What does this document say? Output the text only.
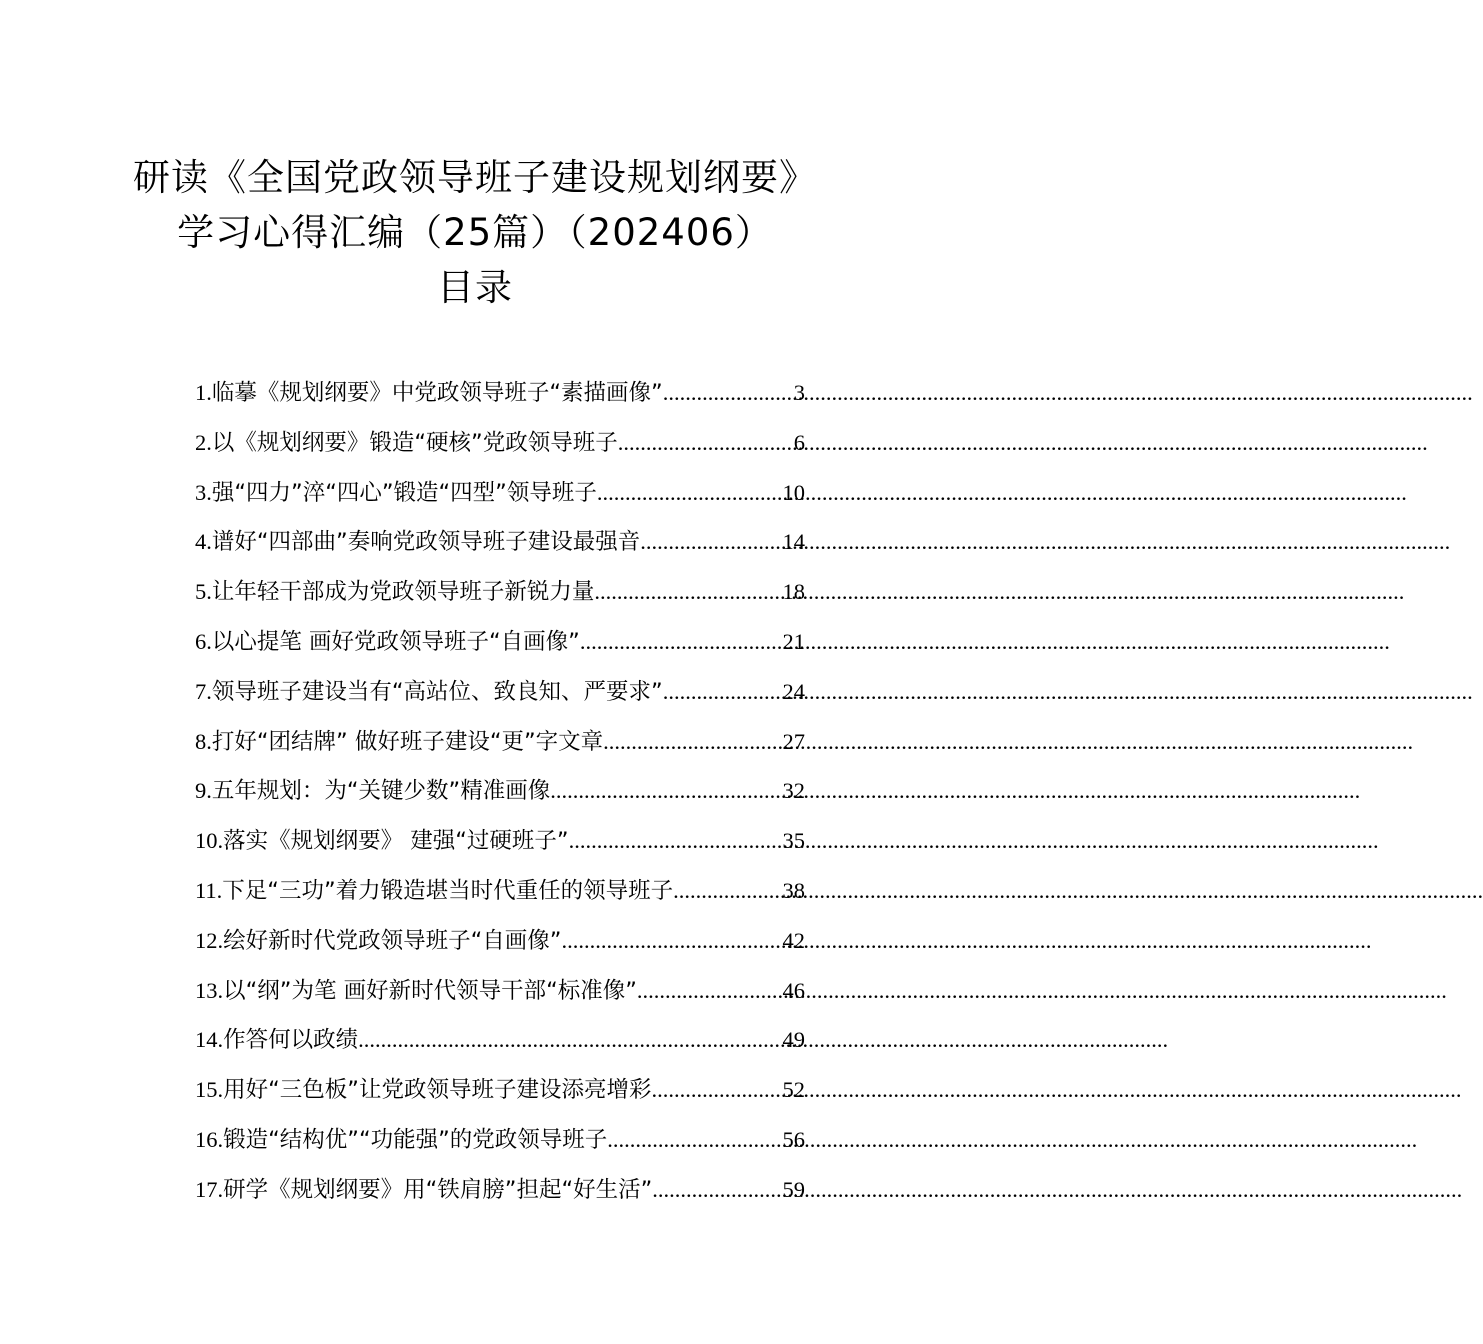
研读《全国党政领导班子建设规划纲要》
学习心得汇编（25篇）（202406）
目录
1. 临摹《规划纲要》中党政领导班子“素描画像” .....	3
2. 以《规划纲要》锻造“硬核”党政领导班子 .....	6
3. 强“四力”淬“四心”锻造“四型”领导班子 .....	10
4. 谱好“四部曲”奏响党政领导班子建设最强音 .....	14
5. 让年轻干部成为党政领导班子新锐力量 .....	18
6. 以心提笔 画好党政领导班子“自画像” .....	21
7. 领导班子建设当有“高站位、致良知、严要求” .....	24
8. 打好“团结牌” 做好班子建设“更”字文章 .....	27
9. 五年规划：为“关键少数”精准画像 .....	32
10. 落实《规划纲要》 建强“过硬班子” .....	35
11. 下足“三功”着力锻造堪当时代重任的领导班子 .....	38
12. 绘好新时代党政领导班子“自画像” .....	42
13. 以“纲”为笔 画好新时代领导干部“标准像” .....	46
14. 作答何以政绩 .....	49
15. 用好“三色板”让党政领导班子建设添亮增彩 .....	52
16. 锻造“结构优”“功能强”的党政领导班子 .....	56
17. 研学《规划纲要》用“铁肩膀”担起“好生活” .....	59
